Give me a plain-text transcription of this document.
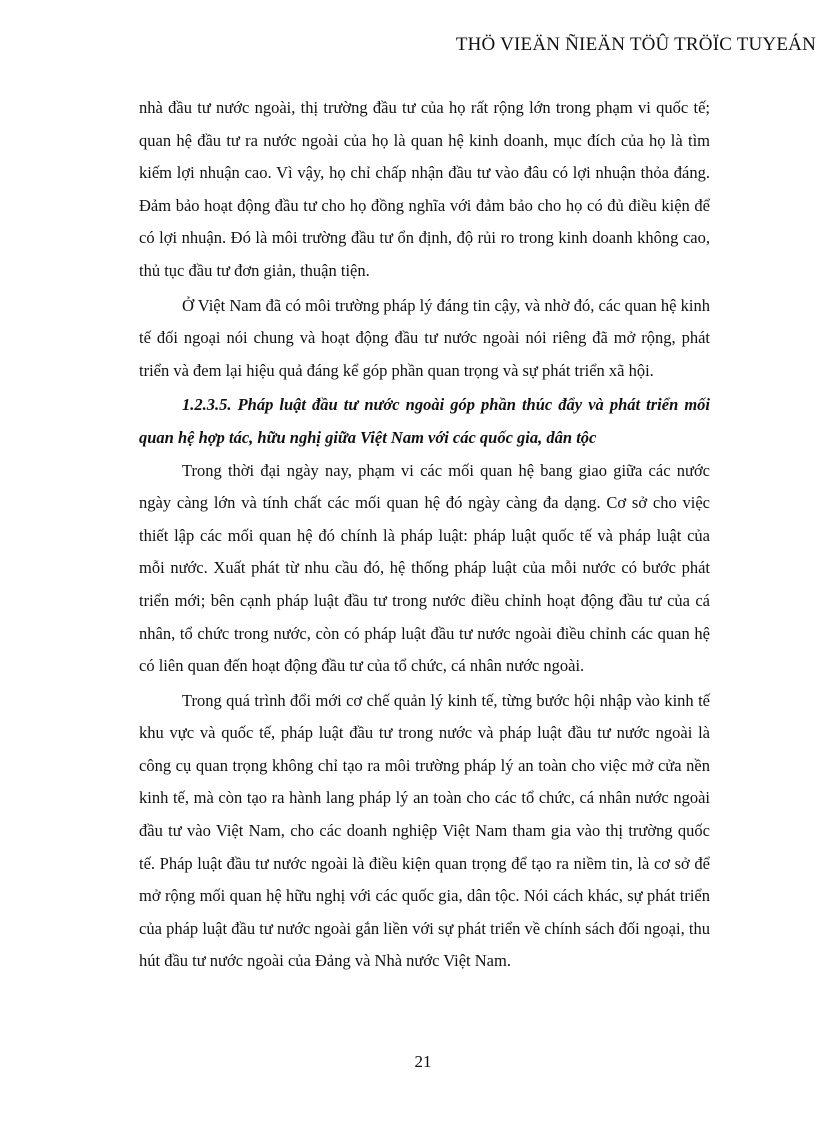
THÖ VIEÄN ÑIEÄN TÖÛ TRÖÏC TUYEÁN

nhà đầu tư nước ngoài, thị trường đầu tư của họ rất rộng lớn trong phạm vi quốc tế; quan hệ đầu tư ra nước ngoài của họ là quan hệ kinh doanh, mục đích của họ là tìm kiếm lợi nhuận cao. Vì vậy, họ chỉ chấp nhận đầu tư vào đâu có lợi nhuận thỏa đáng. Đảm bảo hoạt động đầu tư cho họ đồng nghĩa với đảm bảo cho họ có đủ điều kiện để có lợi nhuận. Đó là môi trường đầu tư ổn định, độ rủi ro trong kinh doanh không cao, thủ tục đầu tư đơn giản, thuận tiện.

Ở Việt Nam đã có môi trường pháp lý đáng tin cậy, và nhờ đó, các quan hệ kinh tế đối ngoại nói chung và hoạt động đầu tư nước ngoài nói riêng đã mở rộng, phát triển và đem lại hiệu quả đáng kể góp phần quan trọng và sự phát triển xã hội.

1.2.3.5. Pháp luật đầu tư nước ngoài góp phần thúc đẩy và phát triển mối quan hệ hợp tác, hữu nghị giữa Việt Nam với các quốc gia, dân tộc

Trong thời đại ngày nay, phạm vi các mối quan hệ bang giao giữa các nước ngày càng lớn và tính chất các mối quan hệ đó ngày càng đa dạng. Cơ sở cho việc thiết lập các mối quan hệ đó chính là pháp luật: pháp luật quốc tế và pháp luật của mỗi nước. Xuất phát từ nhu cầu đó, hệ thống pháp luật của mỗi nước có bước phát triển mới; bên cạnh pháp luật đầu tư trong nước điều chỉnh hoạt động đầu tư của cá nhân, tổ chức trong nước, còn có pháp luật đầu tư nước ngoài điều chỉnh các quan hệ có liên quan đến hoạt động đầu tư của tổ chức, cá nhân nước ngoài.

Trong quá trình đổi mới cơ chế quản lý kinh tế, từng bước hội nhập vào kinh tế khu vực và quốc tế, pháp luật đầu tư trong nước và pháp luật đầu tư nước ngoài là công cụ quan trọng không chỉ tạo ra môi trường pháp lý an toàn cho việc mở cửa nền kinh tế, mà còn tạo ra hành lang pháp lý an toàn cho các tổ chức, cá nhân nước ngoài đầu tư vào Việt Nam, cho các doanh nghiệp Việt Nam tham gia vào thị trường quốc tế. Pháp luật đầu tư nước ngoài là điều kiện quan trọng để tạo ra niềm tin, là cơ sở để mở rộng mối quan hệ hữu nghị với các quốc gia, dân tộc. Nói cách khác, sự phát triển của pháp luật đầu tư nước ngoài gắn liền với sự phát triển về chính sách đối ngoại, thu hút đầu tư nước ngoài của Đảng và Nhà nước Việt Nam.

21
